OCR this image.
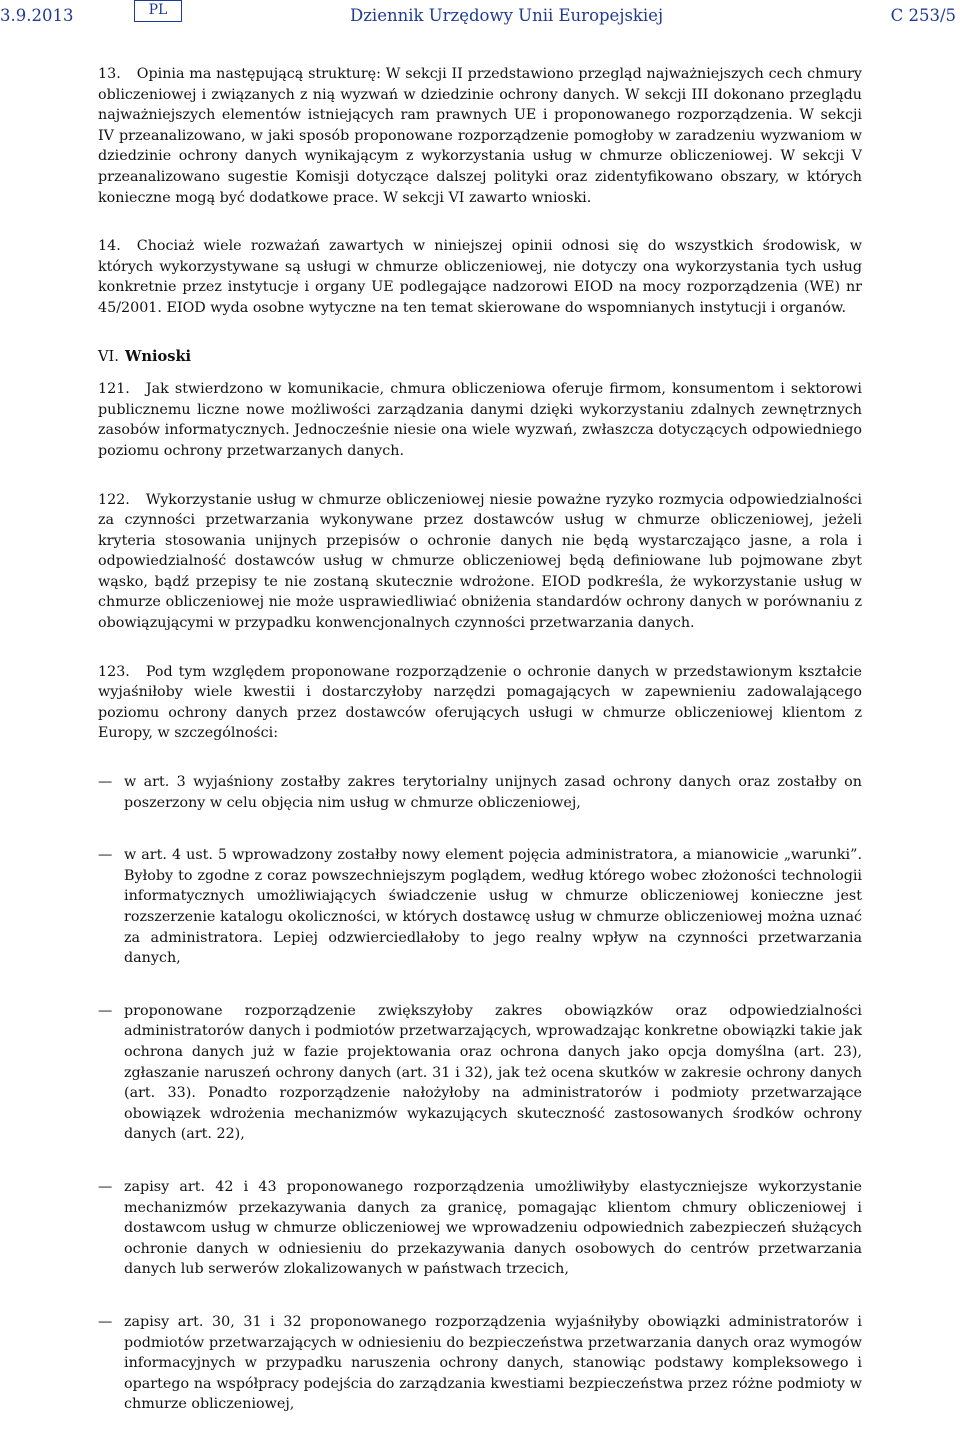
3.9.2013	PL	Dziennik Urzędowy Unii Europejskiej	C 253/5

13. Opinia ma następującą strukturę: W sekcji II przedstawiono przegląd najważniejszych cech chmury obliczeniowej i związanych z nią wyzwań w dziedzinie ochrony danych. W sekcji III dokonano przeglądu najważniejszych elementów istniejących ram prawnych UE i proponowanego rozporządzenia. W sekcji IV przeanalizowano, w jaki sposób proponowane rozporządzenie pomogłoby w zaradzeniu wyzwaniom w dziedzinie ochrony danych wynikającym z wykorzystania usług w chmurze obliczeniowej. W sekcji V przeanalizowano sugestie Komisji dotyczące dalszej polityki oraz zidentyfikowano obszary, w których konieczne mogą być dodatkowe prace. W sekcji VI zawarto wnioski.

14. Chociaż wiele rozważań zawartych w niniejszej opinii odnosi się do wszystkich środowisk, w których wykorzystywane są usługi w chmurze obliczeniowej, nie dotyczy ona wykorzystania tych usług konkretnie przez instytucje i organy UE podlegające nadzorowi EIOD na mocy rozporządzenia (WE) nr 45/2001. EIOD wyda osobne wytyczne na ten temat skierowane do wspomnianych instytucji i organów.

VI. Wnioski

121. Jak stwierdzono w komunikacie, chmura obliczeniowa oferuje firmom, konsumentom i sektorowi publicznemu liczne nowe możliwości zarządzania danymi dzięki wykorzystaniu zdalnych zewnętrznych zasobów informatycznych. Jednocześnie niesie ona wiele wyzwań, zwłaszcza dotyczących odpowiedniego poziomu ochrony przetwarzanych danych.

122. Wykorzystanie usług w chmurze obliczeniowej niesie poważne ryzyko rozmycia odpowiedzialności za czynności przetwarzania wykonywane przez dostawców usług w chmurze obliczeniowej, jeżeli kryteria stosowania unijnych przepisów o ochronie danych nie będą wystarczająco jasne, a rola i odpowiedzialność dostawców usług w chmurze obliczeniowej będą definiowane lub pojmowane zbyt wąsko, bądź przepisy te nie zostaną skutecznie wdrożone. EIOD podkreśla, że wykorzystanie usług w chmurze obliczeniowej nie może usprawiedliwiać obniżenia standardów ochrony danych w porównaniu z obowiązującymi w przypadku konwencjonalnych czynności przetwarzania danych.

123. Pod tym względem proponowane rozporządzenie o ochronie danych w przedstawionym kształcie wyjaśniłoby wiele kwestii i dostarczyłoby narzędzi pomagających w zapewnieniu zadowalającego poziomu ochrony danych przez dostawców oferujących usługi w chmurze obliczeniowej klientom z Europy, w szczególności:

— w art. 3 wyjaśniony zostałby zakres terytorialny unijnych zasad ochrony danych oraz zostałby on poszerzony w celu objęcia nim usług w chmurze obliczeniowej,
— w art. 4 ust. 5 wprowadzony zostałby nowy element pojęcia administratora, a mianowicie „warunki”. Byłoby to zgodne z coraz powszechniejszym poglądem, według którego wobec złożoności technologii informatycznych umożliwiających świadczenie usług w chmurze obliczeniowej konieczne jest rozszerzenie katalogu okoliczności, w których dostawcę usług w chmurze obliczeniowej można uznać za administratora. Lepiej odzwierciedlałoby to jego realny wpływ na czynności przetwarzania danych,
— proponowane rozporządzenie zwiększyłoby zakres obowiązków oraz odpowiedzialności administratorów danych i podmiotów przetwarzających, wprowadzając konkretne obowiązki takie jak ochrona danych już w fazie projektowania oraz ochrona danych jako opcja domyślna (art. 23), zgłaszanie naruszeń ochrony danych (art. 31 i 32), jak też ocena skutków w zakresie ochrony danych (art. 33). Ponadto rozporządzenie nałożyłoby na administratorów i podmioty przetwarzające obowiązek wdrożenia mechanizmów wykazujących skuteczność zastosowanych środków ochrony danych (art. 22),
— zapisy art. 42 i 43 proponowanego rozporządzenia umożliwiłyby elastyczniejsze wykorzystanie mechanizmów przekazywania danych za granicę, pomagając klientom chmury obliczeniowej i dostawcom usług w chmurze obliczeniowej we wprowadzeniu odpowiednich zabezpieczeń służących ochronie danych w odniesieniu do przekazywania danych osobowych do centrów przetwarzania danych lub serwerów zlokalizowanych w państwach trzecich,
— zapisy art. 30, 31 i 32 proponowanego rozporządzenia wyjaśniłyby obowiązki administratorów i podmiotów przetwarzających w odniesieniu do bezpieczeństwa przetwarzania danych oraz wymogów informacyjnych w przypadku naruszenia ochrony danych, stanowiąc podstawy kompleksowego i opartego na współpracy podejścia do zarządzania kwestiami bezpieczeństwa przez różne podmioty w chmurze obliczeniowej,
